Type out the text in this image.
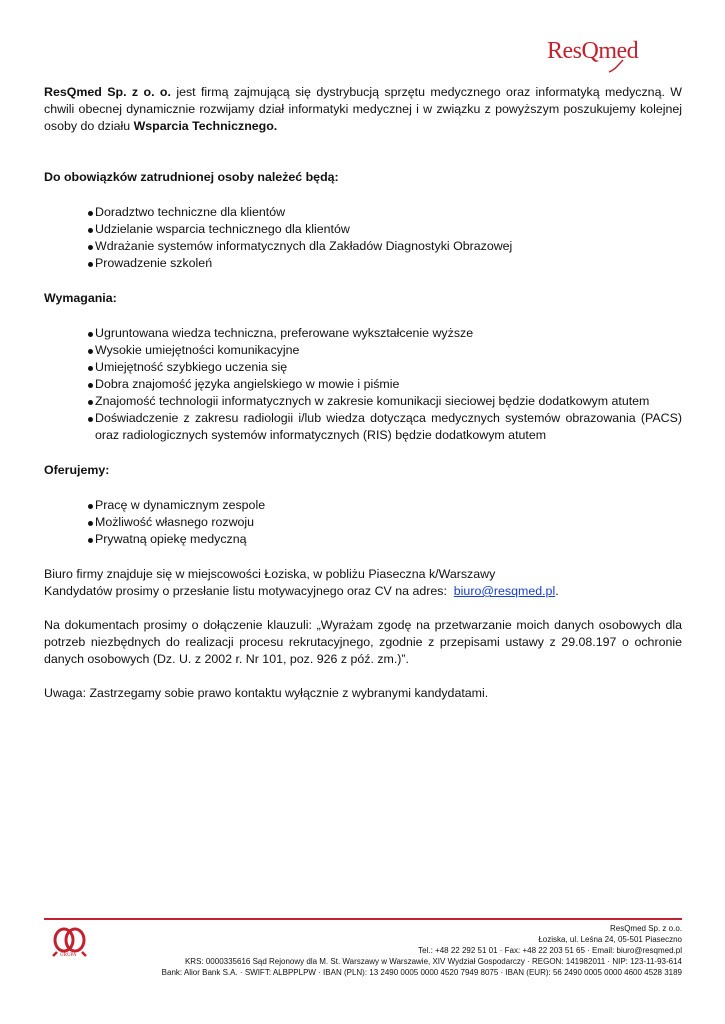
ResQmed

ResQmed Sp. z o. o. jest firmą zajmującą się dystrybucją sprzętu medycznego oraz informatyką medyczną. W chwili obecnej dynamicznie rozwijamy dział informatyki medycznej i w związku z powyższym poszukujemy kolejnej osoby do działu Wsparcia Technicznego.

Do obowiązków zatrudnionej osoby należeć będą:

Doradztwo techniczne dla klientów
Udzielanie wsparcia technicznego dla klientów
Wdrażanie systemów informatycznych dla Zakładów Diagnostyki Obrazowej
Prowadzenie szkoleń

Wymagania:

Ugruntowana wiedza techniczna, preferowane wykształcenie wyższe
Wysokie umiejętności komunikacyjne
Umiejętność szybkiego uczenia się
Dobra znajomość języka angielskiego w mowie i piśmie
Znajomość technologii informatycznych w zakresie komunikacji sieciowej będzie dodatkowym atutem
Doświadczenie z zakresu radiologii i/lub wiedza dotycząca medycznych systemów obrazowania (PACS) oraz radiologicznych systemów informatycznych (RIS) będzie dodatkowym atutem

Oferujemy:

Pracę w dynamicznym zespole
Możliwość własnego rozwoju
Prywatną opiekę medyczną
Biuro firmy znajduje się w miejscowości Łoziska, w pobliżu Piaseczna k/Warszawy
Kandydatów prosimy o przesłanie listu motywacyjnego oraz CV na adres:  biuro@resqmed.pl.

Na dokumentach prosimy o dołączenie klauzuli: „Wyrażam zgodę na przetwarzanie moich danych osobowych dla potrzeb niezbędnych do realizacji procesu rekrutacyjnego, zgodnie z przepisami ustawy z 29.08.197 o ochronie danych osobowych (Dz. U. z 2002 r. Nr 101, poz. 926 z póź. zm.)”.

Uwaga: Zastrzegamy sobie prawo kontaktu wyłącznie z wybranymi kandydatami.

GRUPA
ResQmed Sp. z o.o.
Łoziska, ul. Leśna 24, 05-501 Piaseczno
Tel.: +48 22 292 51 01 · Fax: +48 22 203 51 65 · Email: biuro@resqmed.pl
KRS: 0000335616 Sąd Rejonowy dla M. St. Warszawy w Warszawie, XIV Wydział Gospodarczy · REGON: 141982011 · NIP: 123-11-93-614
Bank: Alior Bank S.A. · SWIFT: ALBPPLPW · IBAN (PLN): 13 2490 0005 0000 4520 7949 8075 · IBAN (EUR): 56 2490 0005 0000 4600 4528 3189
